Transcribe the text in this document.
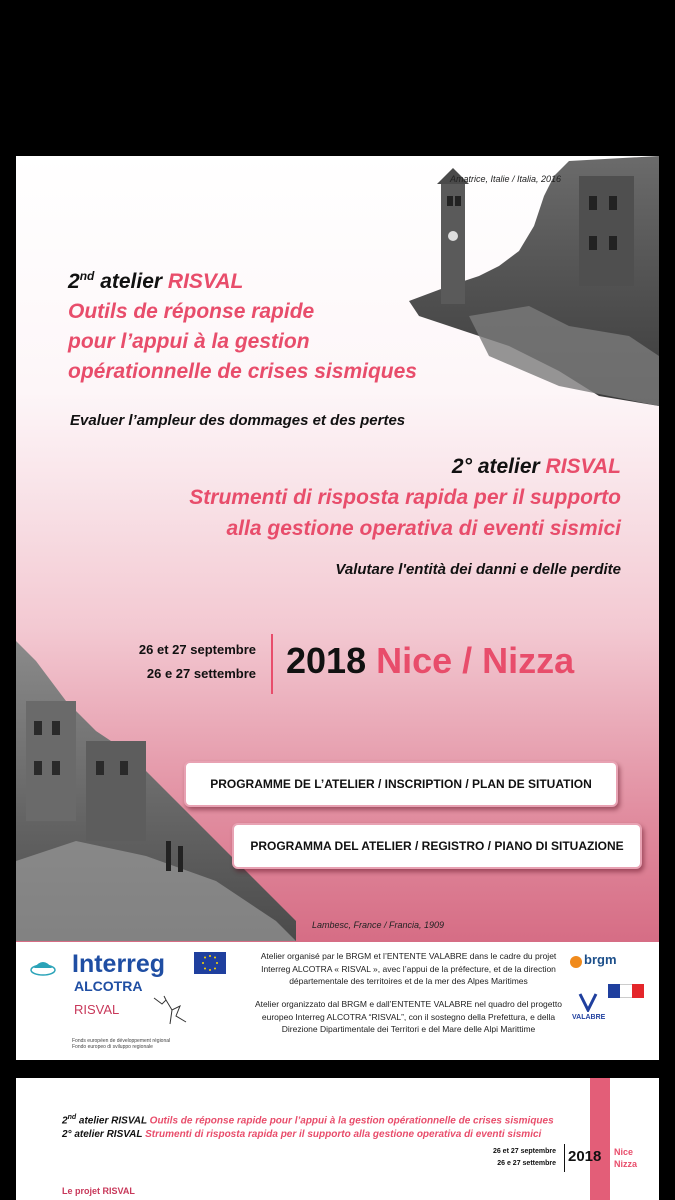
Amatrice, Italie / Italia, 2016
Lambesc, France / Francia, 1909
2nd atelier RISVAL
Outils de réponse rapide
pour l’appui à la gestion
opérationnelle de crises sismiques
Evaluer l’ampleur des dommages et des pertes
2° atelier RISVAL
Strumenti di risposta rapida per il supporto
alla gestione operativa di eventi sismici
Valutare l'entità dei danni e delle perdite
26 et 27 septembre
26 e 27 settembre 2018 Nice / Nizza
PROGRAMME DE L’ATELIER / INSCRIPTION / PLAN DE SITUATION
PROGRAMMA DEL ATELIER / REGISTRO / PIANO DI SITUAZIONE
Interreg
ALCOTRA
RISVAL
Fonds européen de développement régional
Fondo europeo di sviluppo regionale
Atelier organisé par le BRGM et l’ENTENTE VALABRE dans le cadre du projet Interreg ALCOTRA « RISVAL », avec l’appui de la préfecture, et de la direction départementale des territoires et de la mer des Alpes Maritimes
Atelier organizzato dal BRGM e dall’ENTENTE VALABRE nel quadro del progetto europeo Interreg ALCOTRA “RISVAL”, con il sostegno della Prefettura, e della Direzione Dipartimentale dei Territori e del Mare delle Alpi Marittime
brgm
VALABRE
2nd atelier RISVAL Outils de réponse rapide pour l’appui à la gestion opérationnelle de crises sismiques
2° atelier RISVAL Strumenti di risposta rapida per il supporto alla gestione operativa di eventi sismici
26 et 27 septembre
26 e 27 settembre 2018 Nice
Nizza
Le projet RISVAL
